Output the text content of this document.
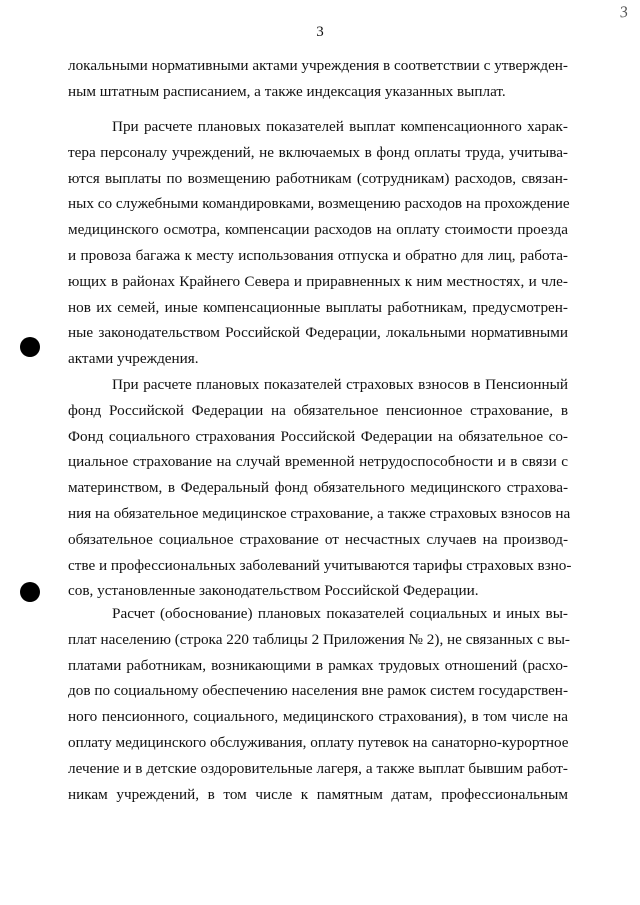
3
3
локальными нормативными актами учреждения в соответствии с утвержден-
ным штатным расписанием, а также индексация указанных выплат.
При расчете плановых показателей выплат компенсационного харак-
тера персоналу учреждений, не включаемых в фонд оплаты труда, учитыва-
ются выплаты по возмещению работникам (сотрудникам) расходов, связан-
ных со служебными командировками, возмещению расходов на прохождение
медицинского осмотра, компенсации расходов на оплату стоимости проезда
и провоза багажа к месту использования отпуска и обратно для лиц, работа-
ющих в районах Крайнего Севера и приравненных к ним местностях, и чле-
нов их семей, иные компенсационные выплаты работникам, предусмотрен-
ные законодательством Российской Федерации, локальными нормативными
актами учреждения.
При расчете плановых показателей страховых взносов в Пенсионный
фонд Российской Федерации на обязательное пенсионное страхование, в
Фонд социального страхования Российской Федерации на обязательное со-
циальное страхование на случай временной нетрудоспособности и в связи с
материнством, в Федеральный фонд обязательного медицинского страхова-
ния на обязательное медицинское страхование, а также страховых взносов на
обязательное социальное страхование от несчастных случаев на производ-
стве и профессиональных заболеваний учитываются тарифы страховых взно-
сов, установленные законодательством Российской Федерации.
Расчет (обоснование) плановых показателей социальных и иных вы-
плат населению (строка 220 таблицы 2 Приложения № 2), не связанных с вы-
платами работникам, возникающими в рамках трудовых отношений (расхо-
дов по социальному обеспечению населения вне рамок систем государствен-
ного пенсионного, социального, медицинского страхования), в том числе на
оплату медицинского обслуживания, оплату путевок на санаторно-курортное
лечение и в детские оздоровительные лагеря, а также выплат бывшим работ-
никам учреждений, в том числе к памятным датам, профессиональным
